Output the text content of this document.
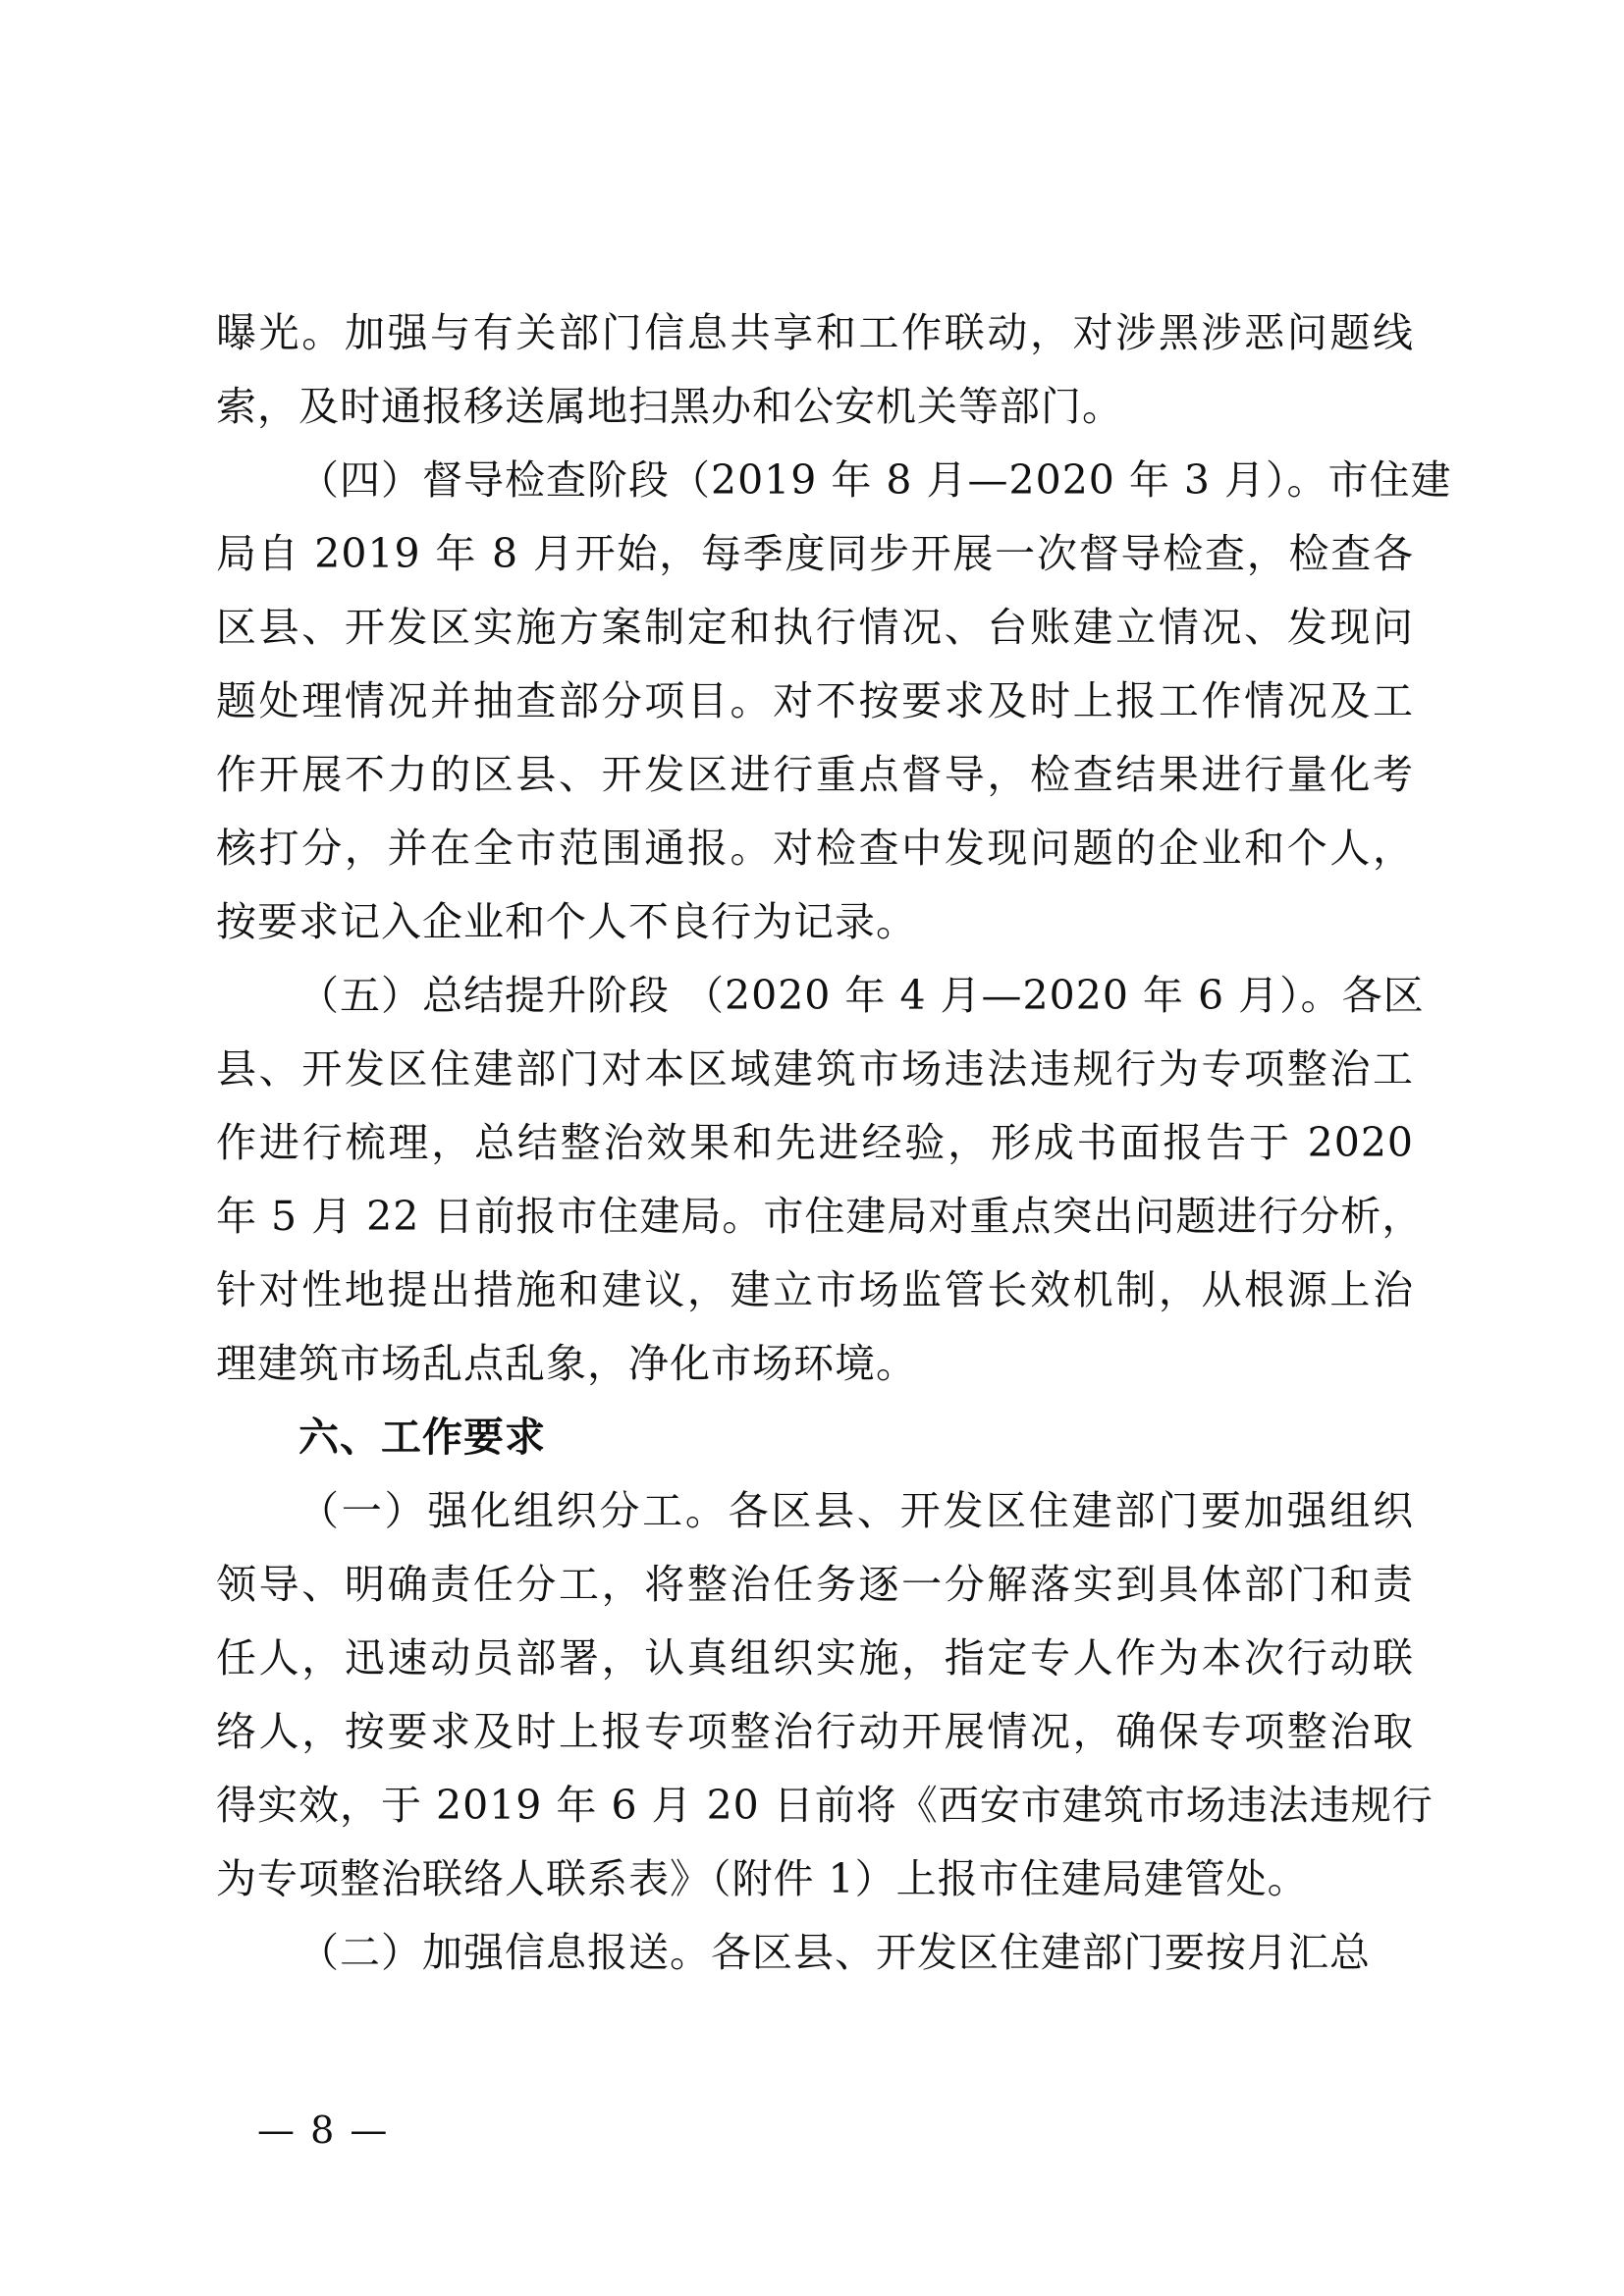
曝光。加强与有关部门信息共享和工作联动，对涉黑涉恶问题线
索，及时通报移送属地扫黑办和公安机关等部门。
（四）督导检查阶段（2019 年 8 月—2020 年 3 月）。市住建
局自 2019 年 8 月开始，每季度同步开展一次督导检查，检查各
区县、开发区实施方案制定和执行情况、台账建立情况、发现问
题处理情况并抽查部分项目。对不按要求及时上报工作情况及工
作开展不力的区县、开发区进行重点督导，检查结果进行量化考
核打分，并在全市范围通报。对检查中发现问题的企业和个人，
按要求记入企业和个人不良行为记录。
（五）总结提升阶段 （2020 年 4 月—2020 年 6 月）。各区
县、开发区住建部门对本区域建筑市场违法违规行为专项整治工
作进行梳理，总结整治效果和先进经验，形成书面报告于 2020
年 5 月 22 日前报市住建局。市住建局对重点突出问题进行分析，
针对性地提出措施和建议，建立市场监管长效机制，从根源上治
理建筑市场乱点乱象，净化市场环境。
六、工作要求
（一）强化组织分工。各区县、开发区住建部门要加强组织
领导、明确责任分工，将整治任务逐一分解落实到具体部门和责
任人，迅速动员部署，认真组织实施，指定专人作为本次行动联
络人，按要求及时上报专项整治行动开展情况，确保专项整治取
得实效，于 2019 年 6 月 20 日前将《西安市建筑市场违法违规行
为专项整治联络人联系表》（附件 1）上报市住建局建管处。
（二）加强信息报送。各区县、开发区住建部门要按月汇总
— 8 —
